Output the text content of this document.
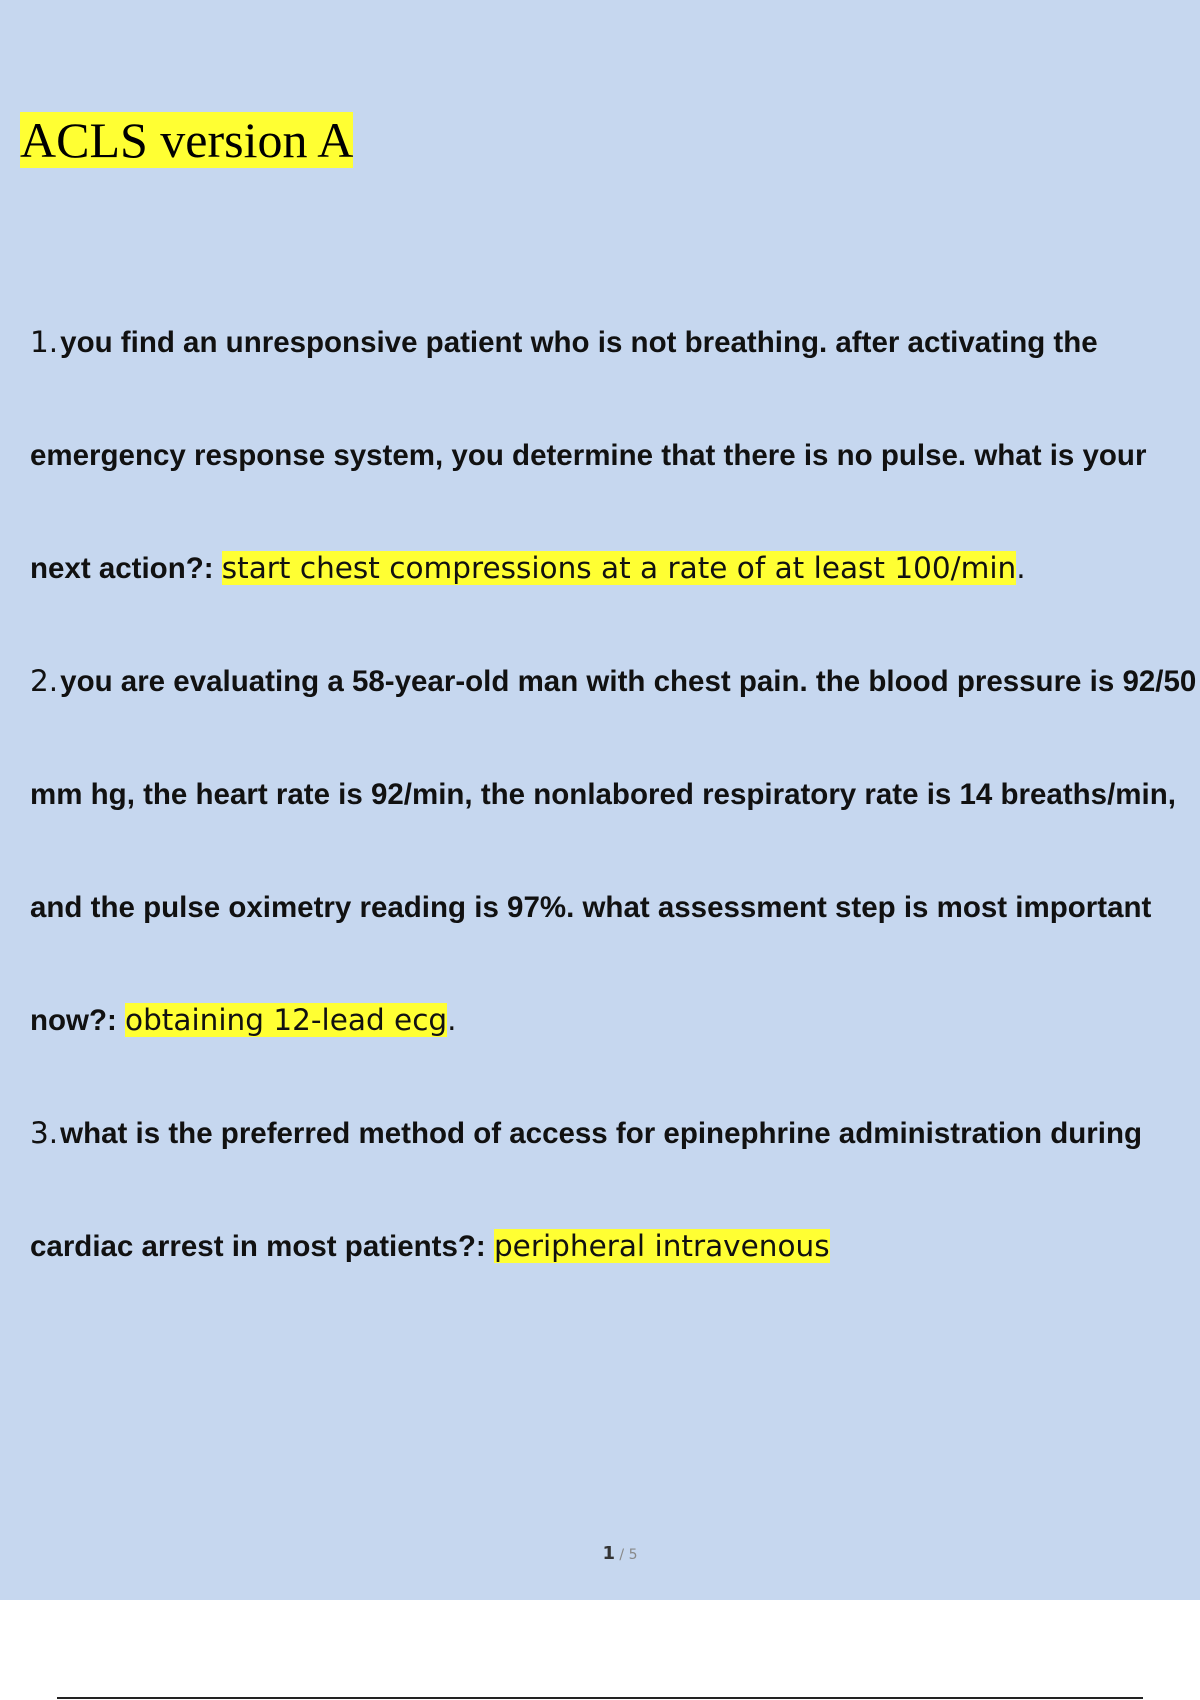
ACLS version A

1.you find an unresponsive patient who is not breathing. after activating the emergency response system, you determine that there is no pulse. what is your next action?: start chest compressions at a rate of at least 100/min.

2.you are evaluating a 58-year-old man with chest pain. the blood pressure is 92/50 mm hg, the heart rate is 92/min, the nonlabored respiratory rate is 14 breaths/min, and the pulse oximetry reading is 97%. what assessment step is most important now?: obtaining 12-lead ecg.

3.what is the preferred method of access for epinephrine administration during cardiac arrest in most patients?: peripheral intravenous

1 / 5
